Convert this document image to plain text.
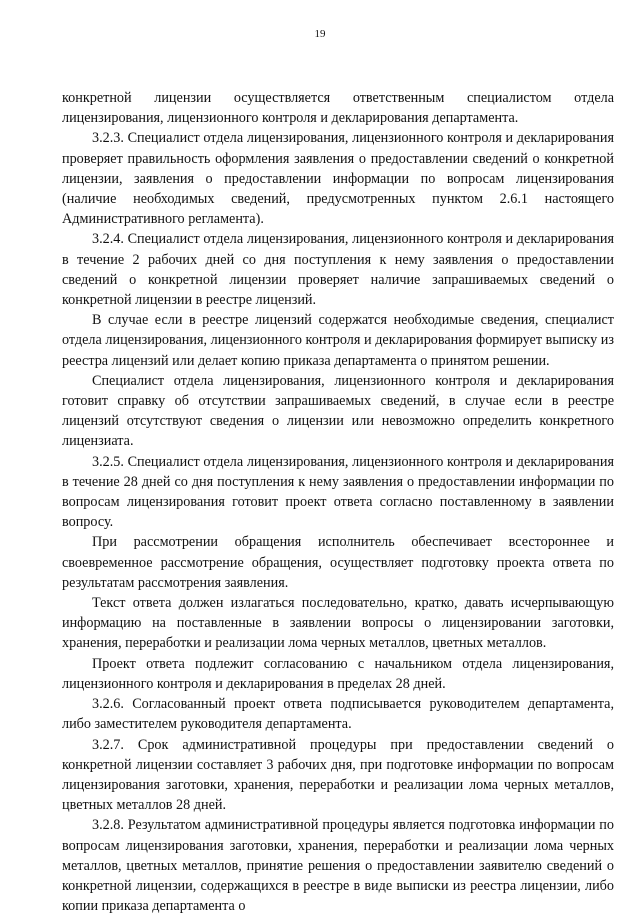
19

конкретной лицензии осуществляется ответственным специалистом отдела лицензирования, лицензионного контроля и декларирования департамента.

3.2.3. Специалист отдела лицензирования, лицензионного контроля и декларирования проверяет правильность оформления заявления о предоставлении сведений о конкретной лицензии, заявления о предоставлении информации по вопросам лицензирования (наличие необходимых сведений, предусмотренных пунктом 2.6.1 настоящего Административного регламента).

3.2.4. Специалист отдела лицензирования, лицензионного контроля и декларирования в течение 2 рабочих дней со дня поступления к нему заявления о предоставлении сведений о конкретной лицензии проверяет наличие запрашиваемых сведений о конкретной лицензии в реестре лицензий.

В случае если в реестре лицензий содержатся необходимые сведения, специалист отдела лицензирования, лицензионного контроля и декларирования формирует выписку из реестра лицензий или делает копию приказа департамента о принятом решении.

Специалист отдела лицензирования, лицензионного контроля и декларирования готовит справку об отсутствии запрашиваемых сведений, в случае если в реестре лицензий отсутствуют сведения о лицензии или невозможно определить конкретного лицензиата.

3.2.5. Специалист отдела лицензирования, лицензионного контроля и декларирования в течение 28 дней со дня поступления к нему заявления о предоставлении информации по вопросам лицензирования готовит проект ответа согласно поставленному в заявлении вопросу.

При рассмотрении обращения исполнитель обеспечивает всестороннее и своевременное рассмотрение обращения, осуществляет подготовку проекта ответа по результатам рассмотрения заявления.

Текст ответа должен излагаться последовательно, кратко, давать исчерпывающую информацию на поставленные в заявлении вопросы о лицензировании заготовки, хранения, переработки и реализации лома черных металлов, цветных металлов.

Проект ответа подлежит согласованию с начальником отдела лицензирования, лицензионного контроля и декларирования в пределах 28 дней.

3.2.6. Согласованный проект ответа подписывается руководителем департамента, либо заместителем руководителя департамента.

3.2.7. Срок административной процедуры при предоставлении сведений о конкретной лицензии составляет 3 рабочих дня, при подготовке информации по вопросам лицензирования заготовки, хранения, переработки и реализации лома черных металлов, цветных металлов 28 дней.

3.2.8. Результатом административной процедуры является подготовка информации по вопросам лицензирования заготовки, хранения, переработки и реализации лома черных металлов, цветных металлов, принятие решения о предоставлении заявителю сведений о конкретной лицензии, содержащихся в реестре в виде выписки из реестра лицензии, либо копии приказа департамента о
